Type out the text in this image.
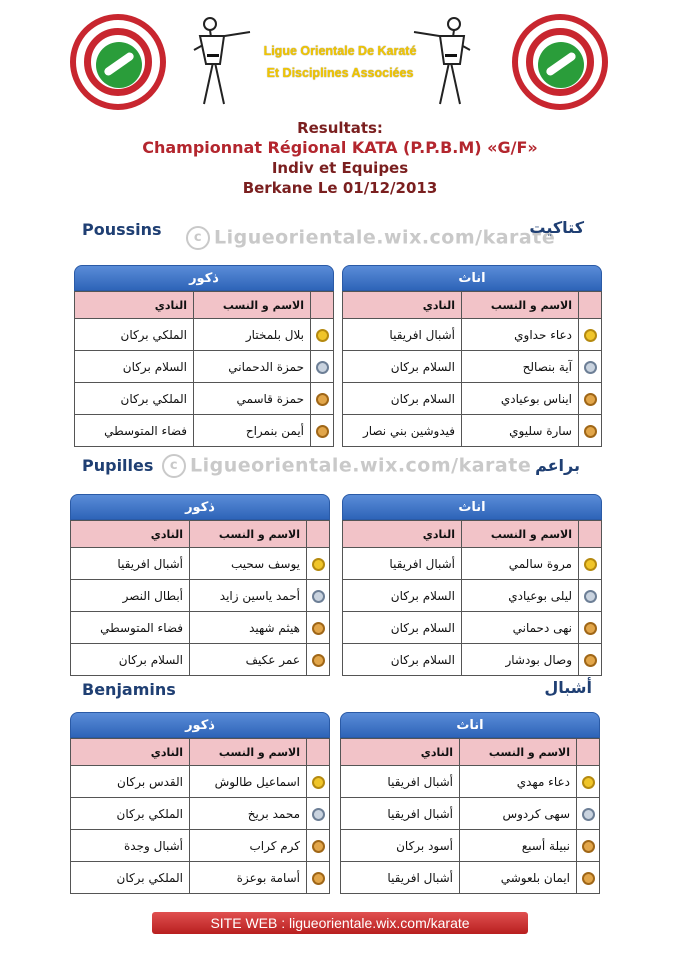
Ligue Orientale De Karaté
Et Disciplines Associées
Resultats:
Championnat Régional KATA (P.P.B.M) «G/F»
Indiv et Equipes
Berkane Le 01/12/2013
Poussins	c Ligueorientale.wix.com/karate
كتاكيت
ذكور
	الاسم و النسب	النادي
	بلال بلمختار	الملكي بركان
	حمزة الدحماني	السلام بركان
	حمزة قاسمي	الملكي بركان
	أيمن بنمراح	فضاء المتوسطي
اناث
	الاسم و النسب	النادي
	دعاء حداوي	أشبال افريقيا
	آية بنصالح	السلام بركان
	ايناس بوعيادي	السلام بركان
	سارة سليوي	فيدوشين بني نصار
Pupilles	c Ligueorientale.wix.com/karate براعم
ذكور
	الاسم و النسب	النادي
	يوسف سحيب	أشبال افريقيا
	أحمد ياسين زايد	أبطال النصر
	هيثم شهيد	فضاء المتوسطي
	عمر عكيف	السلام بركان
اناث
	الاسم و النسب	النادي
	مروة سالمي	أشبال افريقيا
	ليلى بوعيادي	السلام بركان
	نهى دحماني	السلام بركان
	وصال بودشار	السلام بركان
Benjamins	أشبال
ذكور
	الاسم و النسب	النادي
	اسماعيل طالوش	القدس بركان
	محمد بريخ	الملكي بركان
	كرم كراب	أشبال وجدة
	أسامة بوعزة	الملكي بركان
اناث
	الاسم و النسب	النادي
	دعاء مهدي	أشبال افريقيا
	سهى كردوس	أشبال افريقيا
	نبيلة أسبع	أسود بركان
	ايمان بلعوشي	أشبال افريقيا
SITE WEB : ligueorientale.wix.com/karate
